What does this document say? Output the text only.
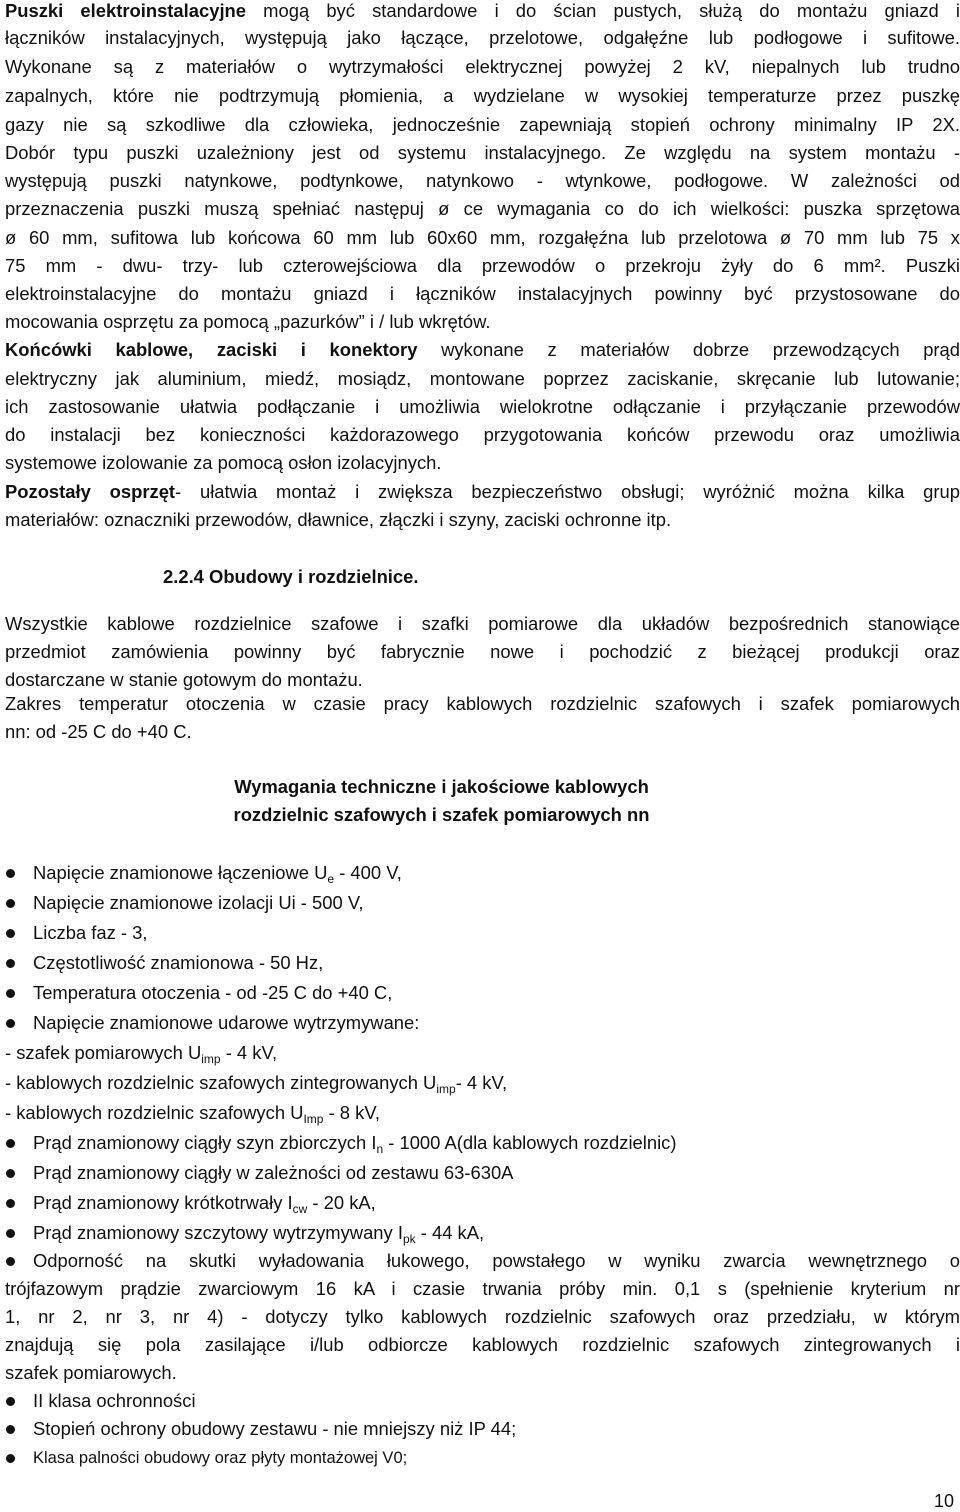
Puszki elektroinstalacyjne mogą być standardowe i do ścian pustych, służą do montażu gniazd i
łączników instalacyjnych, występują jako łączące, przelotowe, odgałęźne lub podłogowe i sufitowe.
Wykonane są z materiałów o wytrzymałości elektrycznej powyżej 2 kV, niepalnych lub trudno
zapalnych, które nie podtrzymują płomienia, a wydzielane w wysokiej temperaturze przez puszkę
gazy nie są szkodliwe dla człowieka, jednocześnie zapewniają stopień ochrony minimalny IP 2X.
Dobór typu puszki uzależniony jest od systemu instalacyjnego. Ze względu na system montażu -
występują puszki natynkowe, podtynkowe, natynkowo - wtynkowe, podłogowe. W zależności od
przeznaczenia puszki muszą spełniać następuj ø ce wymagania co do ich wielkości: puszka sprzętowa
ø 60 mm, sufitowa lub końcowa 60 mm lub 60x60 mm, rozgałęźna lub przelotowa ø 70 mm lub 75 x
75 mm - dwu- trzy- lub czterowejściowa dla przewodów o przekroju żyły do 6 mm². Puszki
elektroinstalacyjne do montażu gniazd i łączników instalacyjnych powinny być przystosowane do
mocowania osprzętu za pomocą „pazurków” i / lub wkrętów.
Końcówki kablowe, zaciski i konektory wykonane z materiałów dobrze przewodzących prąd
elektryczny jak aluminium, miedź, mosiądz, montowane poprzez zaciskanie, skręcanie lub lutowanie;
ich zastosowanie ułatwia podłączanie i umożliwia wielokrotne odłączanie i przyłączanie przewodów
do instalacji bez konieczności każdorazowego przygotowania końców przewodu oraz umożliwia
systemowe izolowanie za pomocą osłon izolacyjnych.
Pozostały osprzęt- ułatwia montaż i zwiększa bezpieczeństwo obsługi; wyróżnić można kilka grup
materiałów: oznaczniki przewodów, dławnice, złączki i szyny, zaciski ochronne itp.
2.2.4 Obudowy i rozdzielnice.
Wszystkie kablowe rozdzielnice szafowe i szafki pomiarowe dla układów bezpośrednich stanowiące
przedmiot zamówienia powinny być fabrycznie nowe i pochodzić z bieżącej produkcji oraz
dostarczane w stanie gotowym do montażu.
Zakres temperatur otoczenia w czasie pracy kablowych rozdzielnic szafowych i szafek pomiarowych
nn: od -25 C do +40 C.
Wymagania techniczne i jakościowe kablowych
rozdzielnic szafowych i szafek pomiarowych nn
Napięcie znamionowe łączeniowe $U_e - 400$ V,
Napięcie znamionowe izolacji Ui - 500 V,
Liczba faz - 3,
Częstotliwość znamionowa - 50 Hz,
Temperatura otoczenia - od -25 C do +40 C,
Napięcie znamionowe udarowe wytrzymywane:
- szafek pomiarowych $U_{imp} - 4$ kV,
- kablowych rozdzielnic szafowych zintegrowanych $U_{imp}-$ 4 kV,
- kablowych rozdzielnic szafowych $U_{Imp} - 8$ kV,
Prąd znamionowy ciągły szyn zbiorczych $I_n - 1000$ A(dla kablowych rozdzielnic)
Prąd znamionowy ciągły w zależności od zestawu 63-630A
Prąd znamionowy krótkotrwały $I_{cw} - 20$ kA,
Prąd znamionowy szczytowy wytrzymywany $I_{pk} - 44$ kA,
Odporność na skutki wyładowania łukowego, powstałego w wyniku zwarcia wewnętrznego o
trójfazowym prądzie zwarciowym 16 kA i czasie trwania próby min. 0,1 s (spełnienie kryterium nr
1, nr 2, nr 3, nr 4) - dotyczy tylko kablowych rozdzielnic szafowych oraz przedziału, w którym
znajdują się pola zasilające i/lub odbiorcze kablowych rozdzielnic szafowych zintegrowanych i
szafek pomiarowych.
II klasa ochronności
Stopień ochrony obudowy zestawu - nie mniejszy niż IP 44;
Klasa palności obudowy oraz płyty montażowej V0;
10
